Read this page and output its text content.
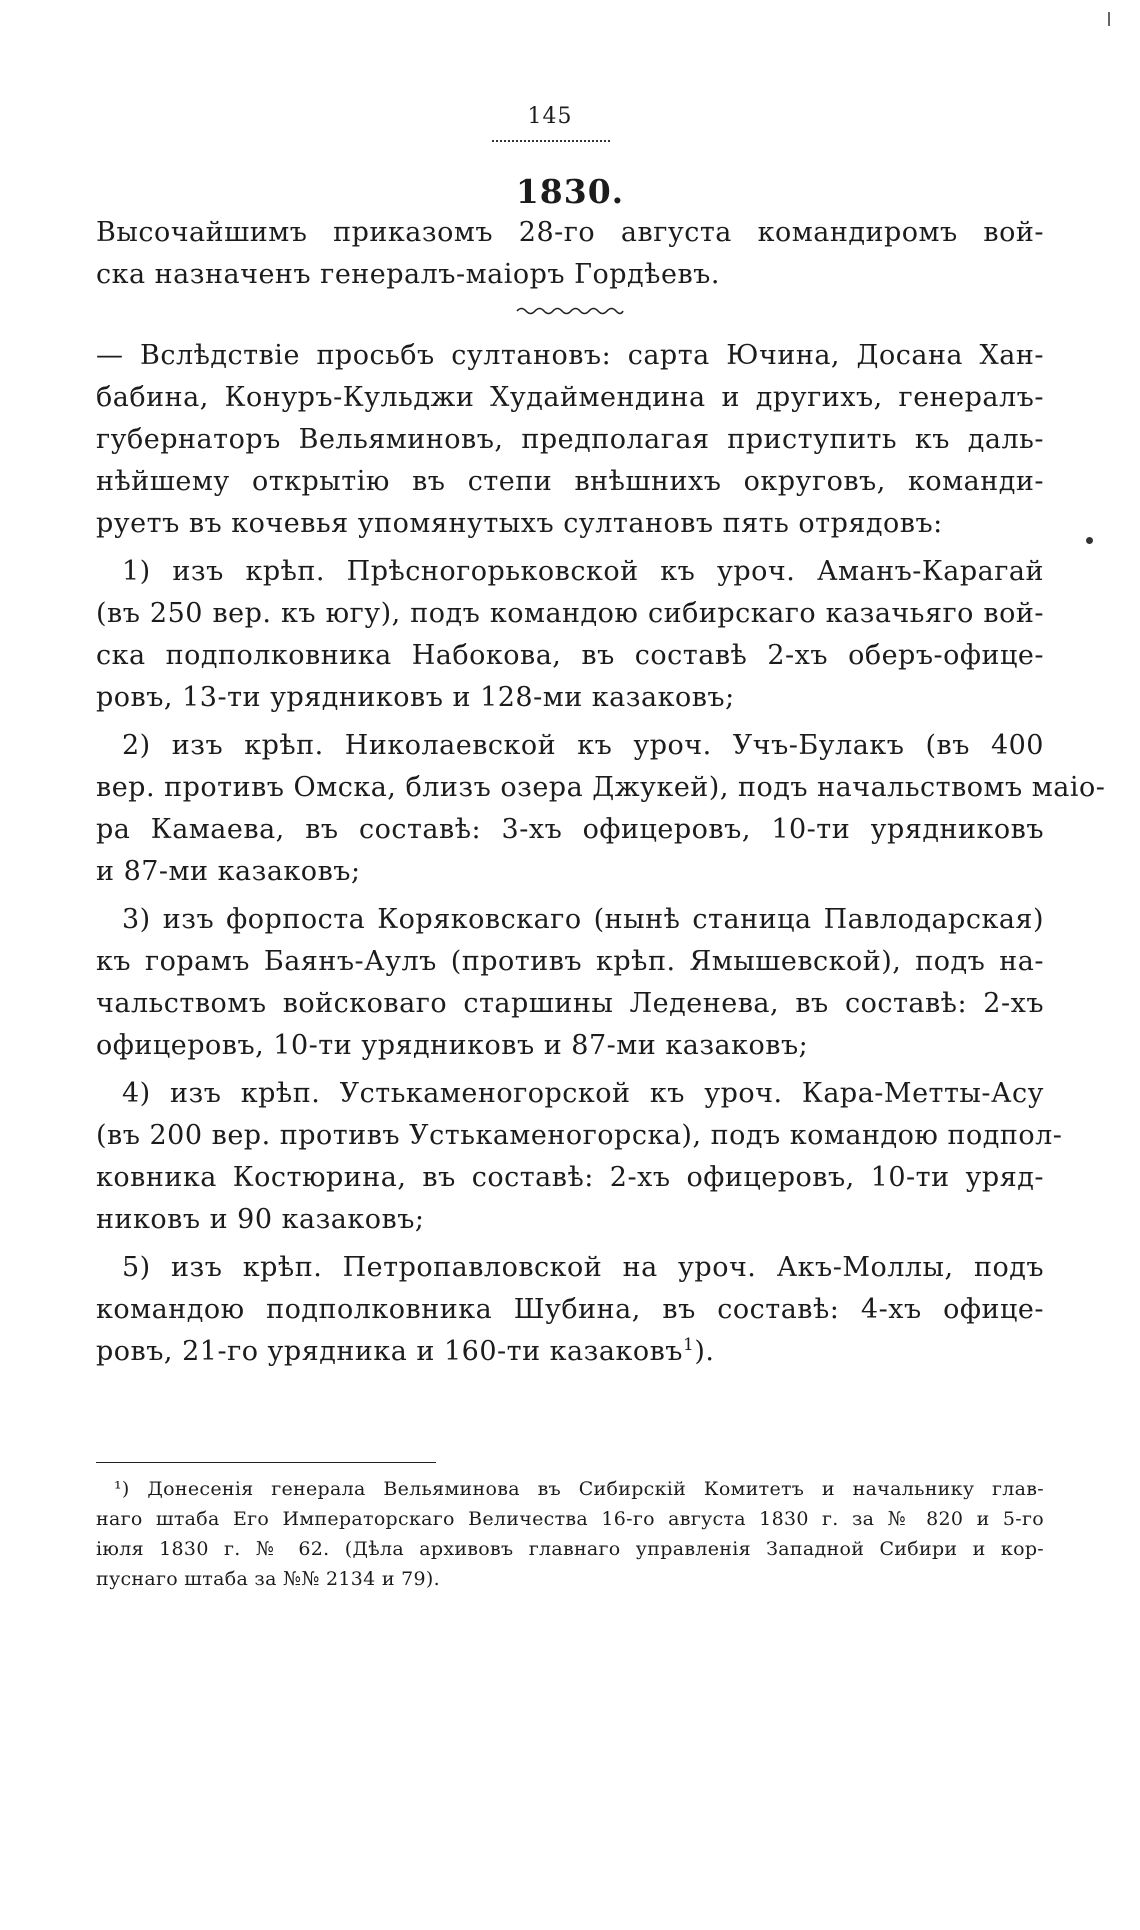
145
1830.
Высочайшимъ приказомъ 28-го августа командиромъ вой-
ска назначенъ генералъ-маіоръ Гордѣевъ.
— Вслѣдствіе просьбъ султановъ: сарта Ючина, Досана Хан-
бабина, Конуръ-Кульджи Худаймендина и другихъ, генералъ-
губернаторъ Вельяминовъ, предполагая приступить къ даль-
нѣйшему открытію въ степи внѣшнихъ округовъ, команди-
руетъ въ кочевья упомянутыхъ султановъ пять отрядовъ:
1) изъ крѣп. Прѣсногорьковской къ уроч. Аманъ-Карагай
(въ 250 вер. къ югу), подъ командою сибирскаго казачьяго вой-
ска подполковника Набокова, въ составѣ 2-хъ оберъ-офице-
ровъ, 13-ти урядниковъ и 128-ми казаковъ;
2) изъ крѣп. Николаевской къ уроч. Учъ-Булакъ (въ 400
вер. противъ Омска, близъ озера Джукей), подъ начальствомъ маіо-
ра Камаева, въ составѣ: 3-хъ офицеровъ, 10-ти урядниковъ
и 87-ми казаковъ;
3) изъ форпоста Коряковскаго (нынѣ станица Павлодарская)
къ горамъ Баянъ-Аулъ (противъ крѣп. Ямышевской), подъ на-
чальствомъ войсковаго старшины Леденева, въ составѣ: 2-хъ
офицеровъ, 10-ти урядниковъ и 87-ми казаковъ;
4) изъ крѣп. Устькаменогорской къ уроч. Кара-Метты-Асу
(въ 200 вер. противъ Устькаменогорска), подъ командою подпол-
ковника Костюрина, въ составѣ: 2-хъ офицеровъ, 10-ти уряд-
никовъ и 90 казаковъ;
5) изъ крѣп. Петропавловской на уроч. Акъ-Моллы, подъ
командою подполковника Шубина, въ составѣ: 4-хъ офице-
ровъ, 21-го урядника и 160-ти казаковъ$^1$).
¹) Донесенія генерала Вельяминова въ Сибирскій Комитетъ и начальнику глав-
наго штаба Его Императорскаго Величества 16-го августа 1830 г. за № 820 и 5-го
іюля 1830 г. № 62. (Дѣла архивовъ главнаго управленія Западной Сибири и кор-
пуснаго штаба за №№ 2134 и 79).
